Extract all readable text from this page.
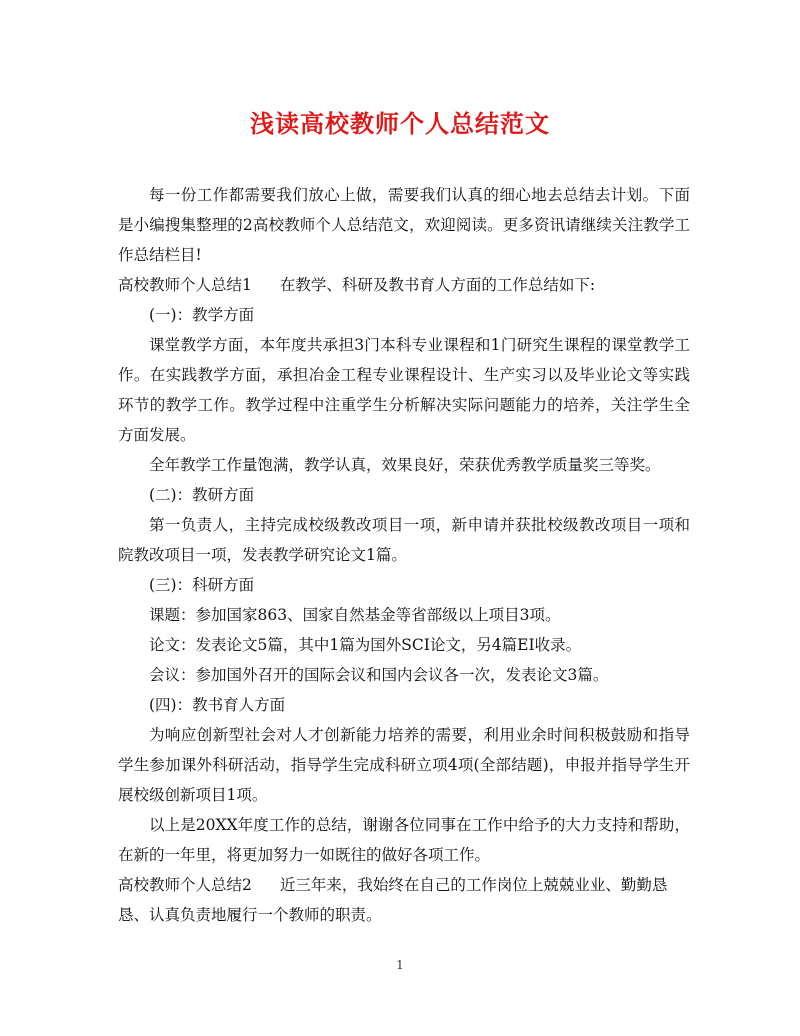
浅读高校教师个人总结范文

每一份工作都需要我们放心上做，需要我们认真的细心地去总结去计划。下面是小编搜集整理的2高校教师个人总结范文，欢迎阅读。更多资讯请继续关注教学工作总结栏目!

高校教师个人总结1 在教学、科研及教书育人方面的工作总结如下:

(一)：教学方面

课堂教学方面，本年度共承担3门本科专业课程和1门研究生课程的课堂教学工作。在实践教学方面，承担冶金工程专业课程设计、生产实习以及毕业论文等实践环节的教学工作。教学过程中注重学生分析解决实际问题能力的培养，关注学生全方面发展。

全年教学工作量饱满，教学认真，效果良好，荣获优秀教学质量奖三等奖。

(二)：教研方面

第一负责人，主持完成校级教改项目一项，新申请并获批校级教改项目一项和院教改项目一项，发表教学研究论文1篇。

(三)：科研方面

课题：参加国家863、国家自然基金等省部级以上项目3项。

论文：发表论文5篇，其中1篇为国外SCI论文，另4篇EI收录。

会议：参加国外召开的国际会议和国内会议各一次，发表论文3篇。

(四)：教书育人方面

为响应创新型社会对人才创新能力培养的需要，利用业余时间积极鼓励和指导学生参加课外科研活动，指导学生完成科研立项4项(全部结题)，申报并指导学生开展校级创新项目1项。

以上是20XX年度工作的总结，谢谢各位同事在工作中给予的大力支持和帮助，在新的一年里，将更加努力一如既往的做好各项工作。

高校教师个人总结2 近三年来，我始终在自己的工作岗位上兢兢业业、勤勤恳恳、认真负责地履行一个教师的职责。

1
